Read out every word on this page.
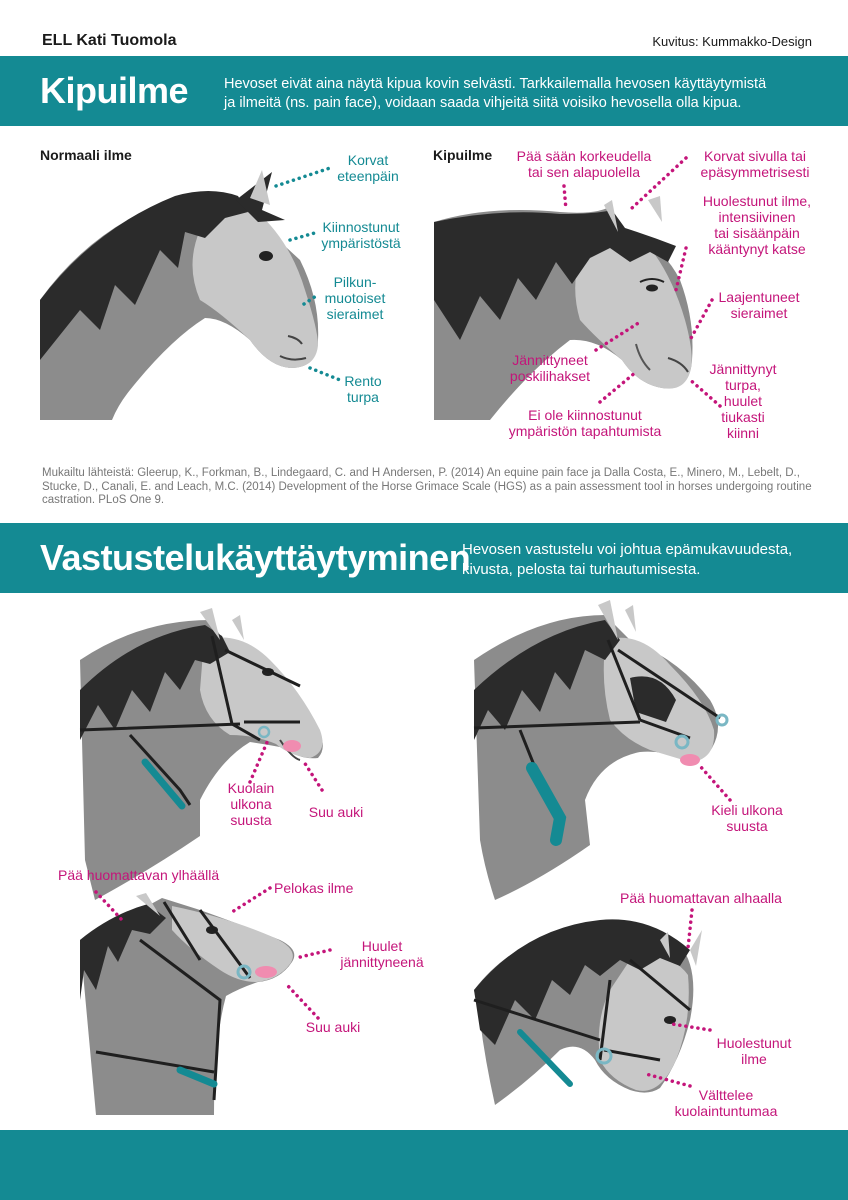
ELL Kati Tuomola	Kuvitus: Kummakko-Design
Kipuilme Hevoset eivät aina näytä kipua kovin selvästi. Tarkkailemalla hevosen käyttäytymistä
ja ilmeitä (ns. pain face), voidaan saada vihjeitä siitä voisiko hevosella olla kipua.
Normaali ilme	Korvat
eteenpäin
Kiinnostunut
ympäristöstä
Pilkun-
muotoiset
sieraimet
Rento
turpa
Kipuilme	Pää sään korkeudella
tai sen alapuolella
Korvat sivulla tai
epäsymmetrisesti
Huolestunut ilme,
intensiivinen
tai sisäänpäin
kääntynyt katse
Laajentuneet
sieraimet
Jännittyneet
poskilihakset
Ei ole kiinnostunut
ympäristön tapahtumista
Jännittynyt
turpa,
huulet
tiukasti
kiinni
Mukailtu lähteistä: Gleerup, K., Forkman, B., Lindegaard, C. and H Andersen, P. (2014) An equine pain face ja Dalla Costa, E., Minero, M., Lebelt, D., Stucke, D., Canali, E. and Leach, M.C. (2014) Development of the Horse Grimace Scale (HGS) as a pain assessment tool in horses undergoing routine castration. PLoS One 9.
Vastustelukäyttäytyminen
Hevosen vastustelu voi johtua epämukavuudesta,
kivusta, pelosta tai turhautumisesta.
Kuolain
ulkona
suusta	Suu auki	Kieli ulkona
suusta
Pää huomattavan ylhäällä
Pelokas ilme
Huulet
jännittyneenä
Suu auki
Pää huomattavan alhaalla
Huolestunut
ilme
Välttelee
kuolaintuntumaa
